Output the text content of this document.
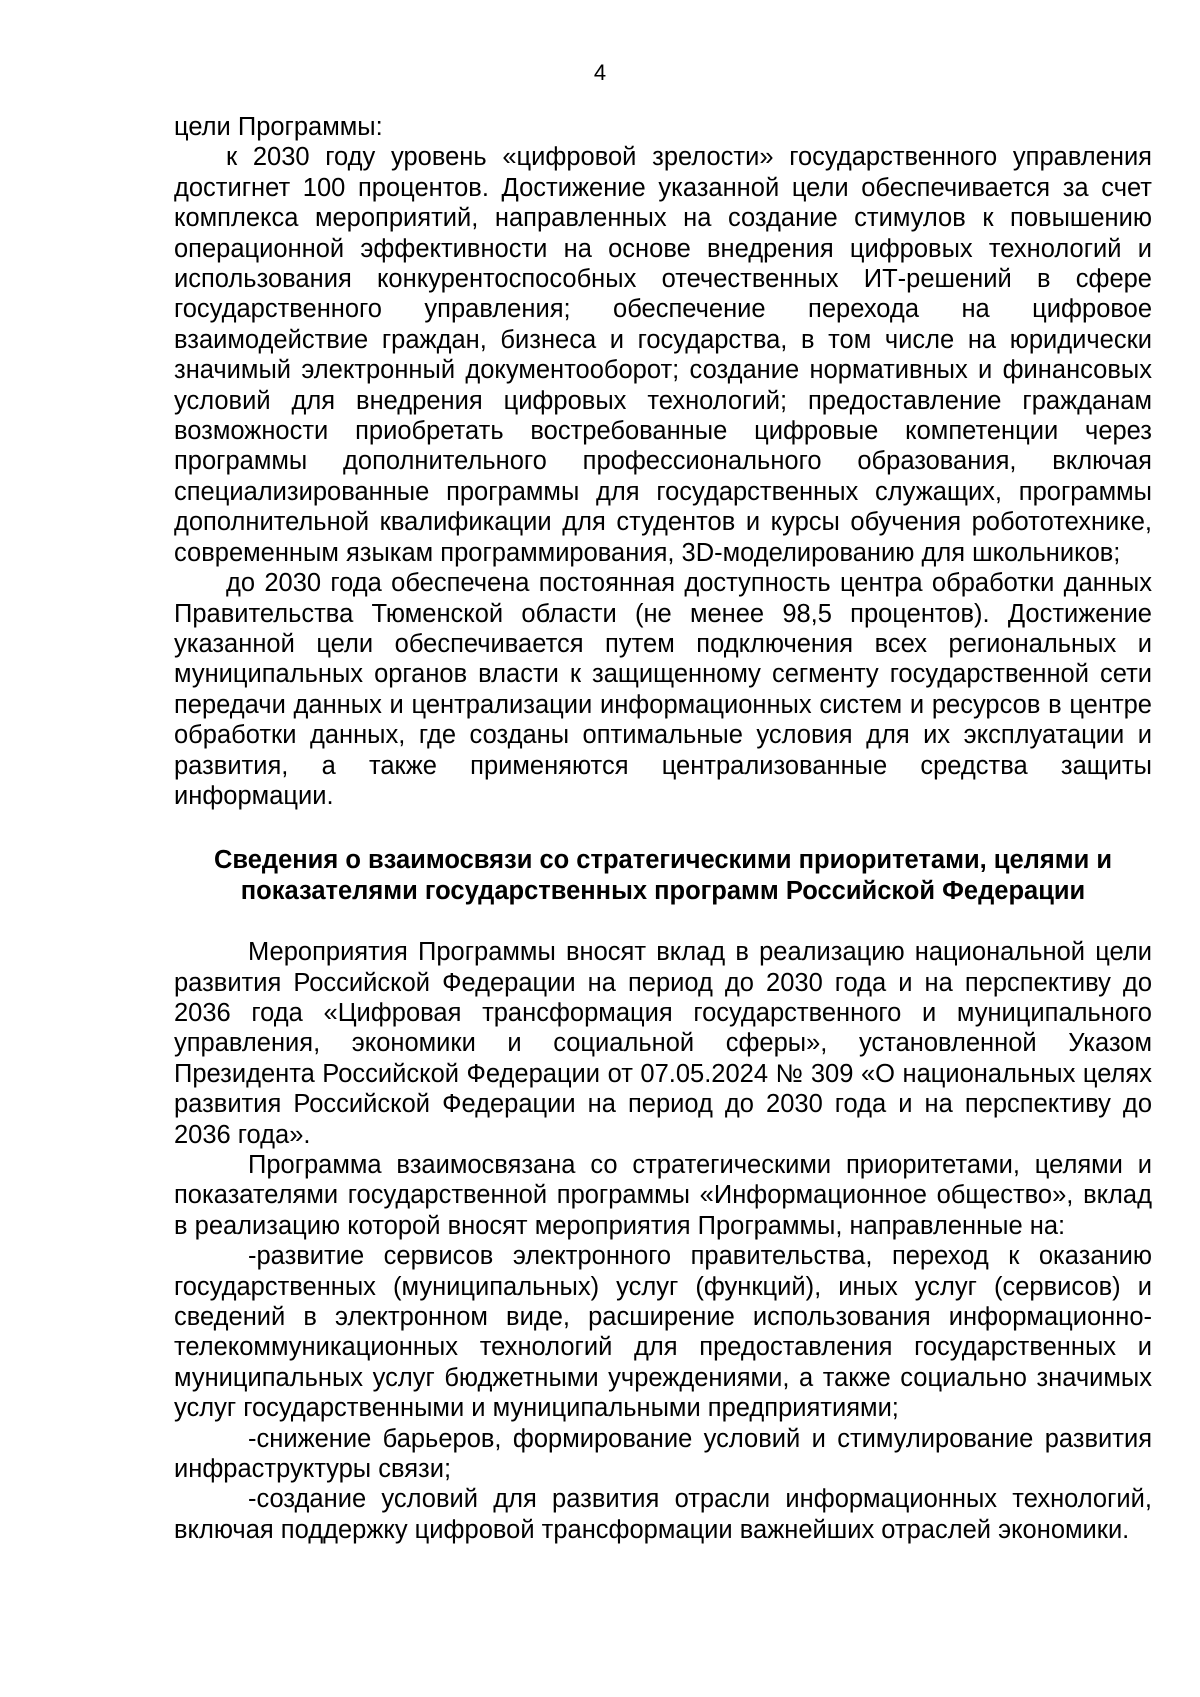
4

цели Программы:

к 2030 году уровень «цифровой зрелости» государственного управления достигнет 100 процентов. Достижение указанной цели обеспечивается за счет комплекса мероприятий, направленных на создание стимулов к повышению операционной эффективности на основе внедрения цифровых технологий и использования конкурентоспособных отечественных ИТ-решений в сфере государственного управления; обеспечение перехода на цифровое взаимодействие граждан, бизнеса и государства, в том числе на юридически значимый электронный документооборот; создание нормативных и финансовых условий для внедрения цифровых технологий; предоставление гражданам возможности приобретать востребованные цифровые компетенции через программы дополнительного профессионального образования, включая специализированные программы для государственных служащих, программы дополнительной квалификации для студентов и курсы обучения робототехнике, современным языкам программирования, 3D-моделированию для школьников;

до 2030 года обеспечена постоянная доступность центра обработки данных Правительства Тюменской области (не менее 98,5 процентов). Достижение указанной цели обеспечивается путем подключения всех региональных и муниципальных органов власти к защищенному сегменту государственной сети передачи данных и централизации информационных систем и ресурсов в центре обработки данных, где созданы оптимальные условия для их эксплуатации и развития, а также применяются централизованные средства защиты информации.

Сведения о взаимосвязи со стратегическими приоритетами, целями и
показателями государственных программ Российской Федерации

Мероприятия Программы вносят вклад в реализацию национальной цели развития Российской Федерации на период до 2030 года и на перспективу до 2036 года «Цифровая трансформация государственного и муниципального управления, экономики и социальной сферы», установленной Указом Президента Российской Федерации от 07.05.2024 № 309 «О национальных целях развития Российской Федерации на период до 2030 года и на перспективу до 2036 года».

Программа взаимосвязана со стратегическими приоритетами, целями и показателями государственной программы «Информационное общество», вклад в реализацию которой вносят мероприятия Программы, направленные на:

-развитие сервисов электронного правительства, переход к оказанию государственных (муниципальных) услуг (функций), иных услуг (сервисов) и сведений в электронном виде, расширение использования информационно-телекоммуникационных технологий для предоставления государственных и муниципальных услуг бюджетными учреждениями, а также социально значимых услуг государственными и муниципальными предприятиями;

-снижение барьеров, формирование условий и стимулирование развития инфраструктуры связи;

-создание условий для развития отрасли информационных технологий, включая поддержку цифровой трансформации важнейших отраслей экономики.
